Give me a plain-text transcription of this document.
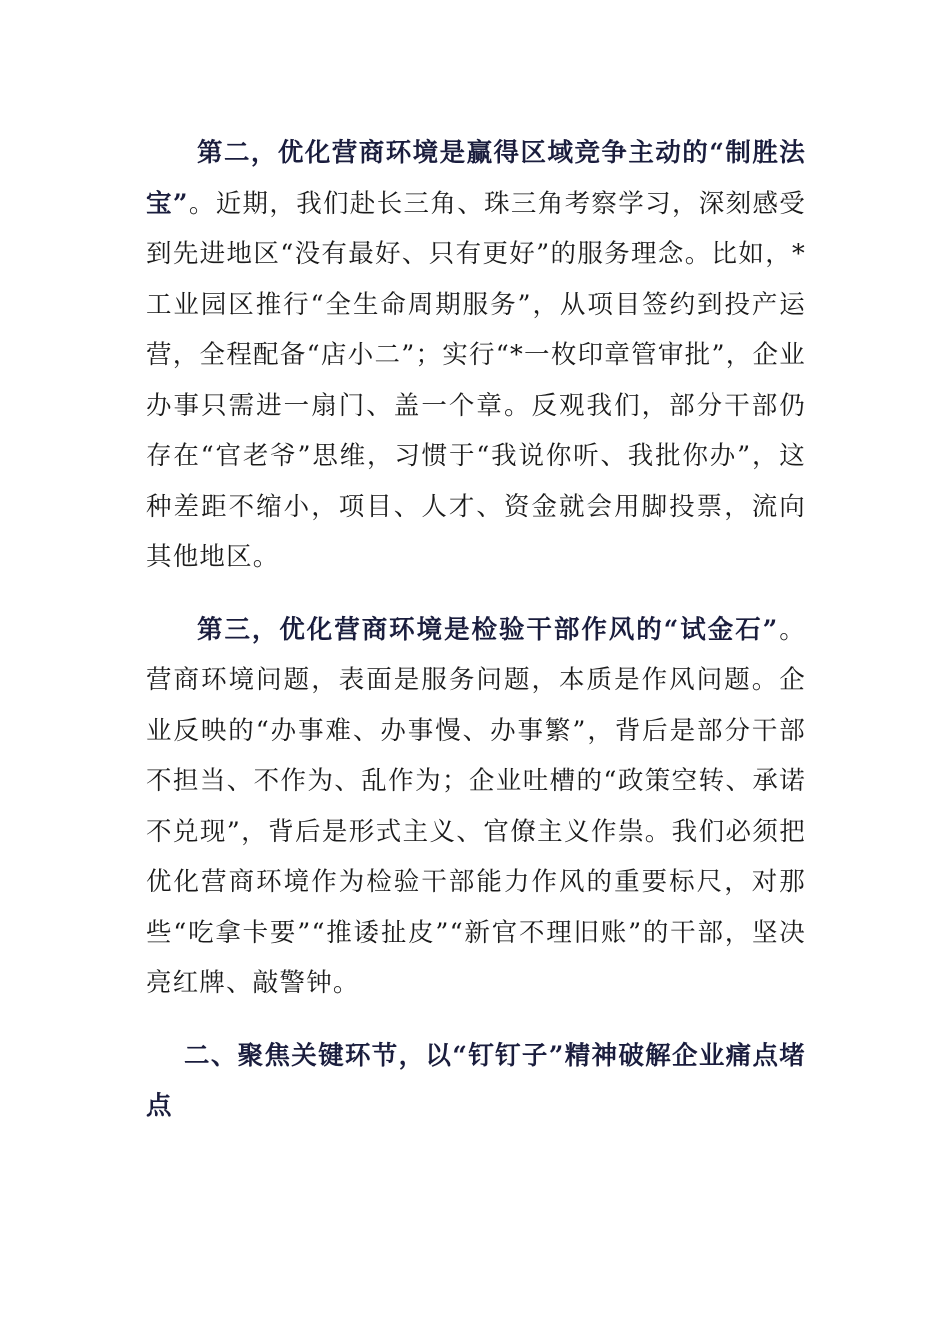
第二，优化营商环境是赢得区域竞争主动的“制胜法宝”。近期，我们赴长三角、珠三角考察学习，深刻感受到先进地区“没有最好、只有更好”的服务理念。比如，*工业园区推行“全生命周期服务”，从项目签约到投产运营，全程配备“店小二”；实行“*一枚印章管审批”，企业办事只需进一扇门、盖一个章。反观我们，部分干部仍存在“官老爷”思维，习惯于“我说你听、我批你办”，这种差距不缩小，项目、人才、资金就会用脚投票，流向其他地区。

第三，优化营商环境是检验干部作风的“试金石”。营商环境问题，表面是服务问题，本质是作风问题。企业反映的“办事难、办事慢、办事繁”，背后是部分干部不担当、不作为、乱作为；企业吐槽的“政策空转、承诺不兑现”，背后是形式主义、官僚主义作祟。我们必须把优化营商环境作为检验干部能力作风的重要标尺，对那些“吃拿卡要”“推诿扯皮”“新官不理旧账”的干部，坚决亮红牌、敲警钟。

二、聚焦关键环节，以“钉钉子”精神破解企业痛点堵点
